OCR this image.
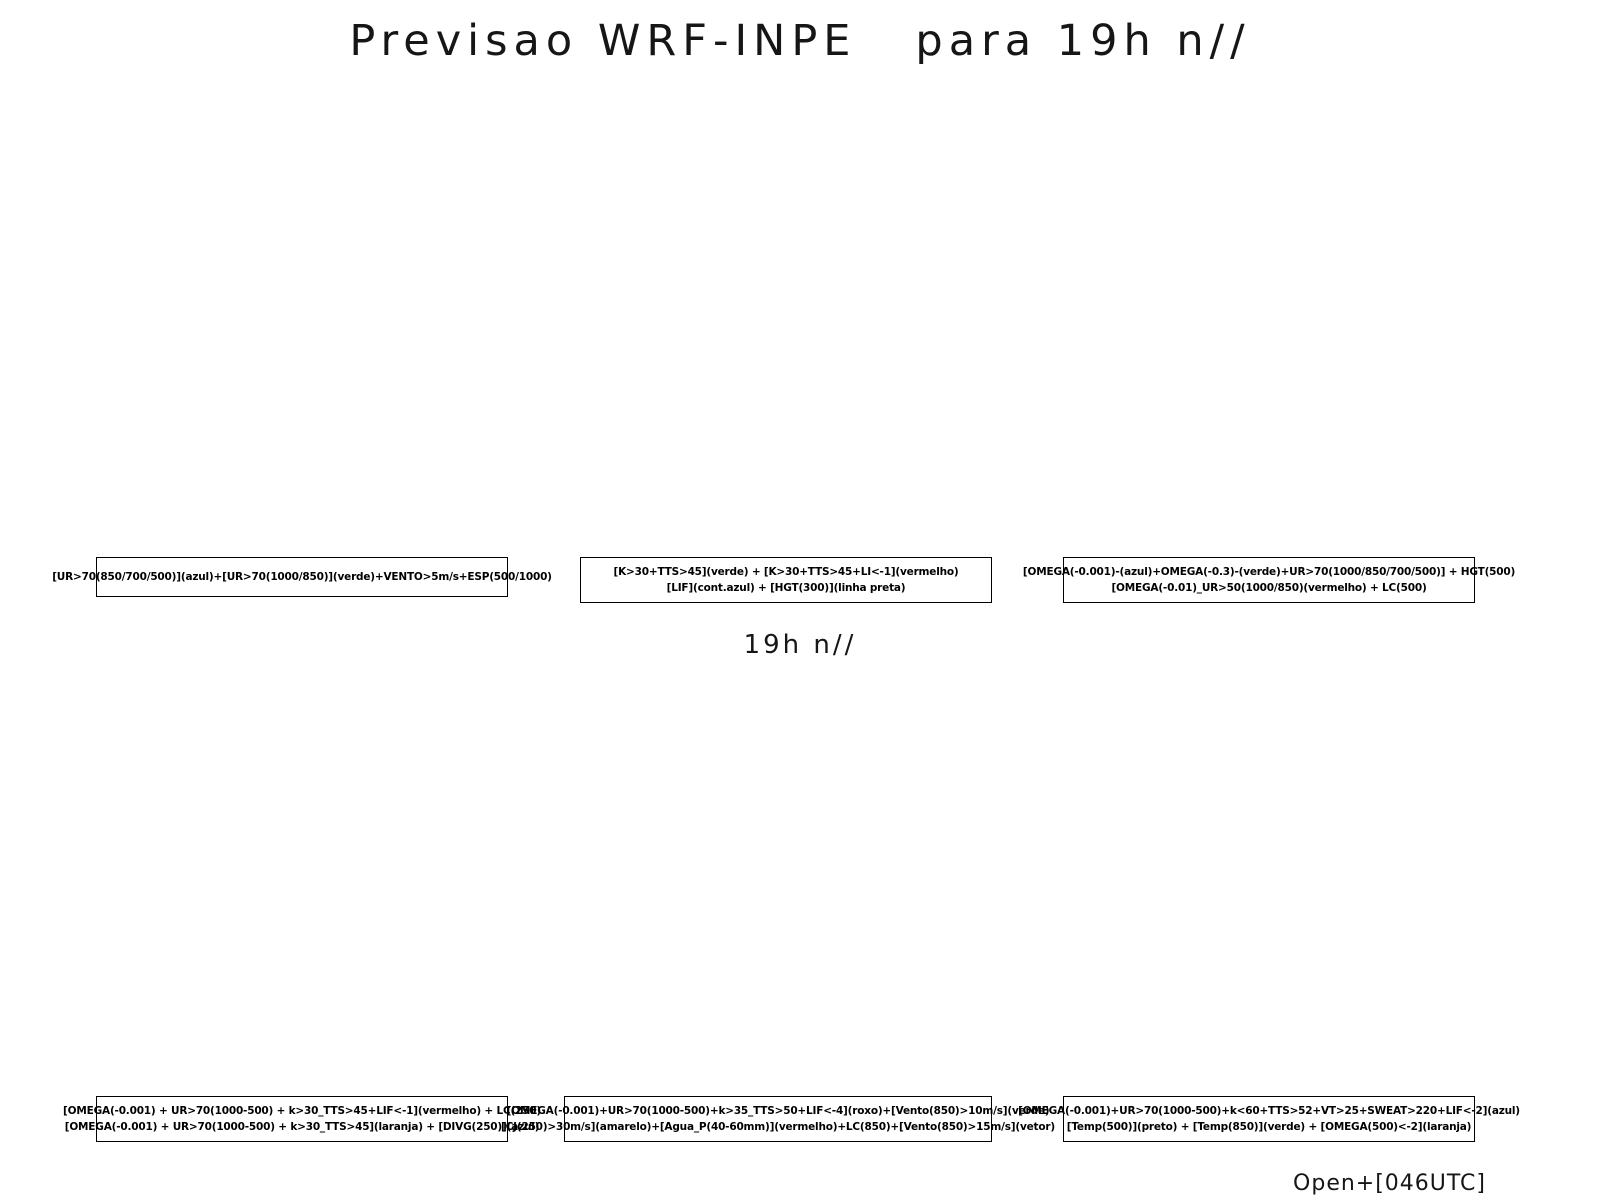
Previsao WRF-INPE   para 19h n//
[UR>70(850/700/500)](azul)+[UR>70(1000/850)](verde)+VENTO>5m/s+ESP(500/1000)	[K>30+TTS>45](verde) + [K>30+TTS>45+LI<-1](vermelho)
[LIF](cont.azul) + [HGT(300)](linha preta)
[OMEGA(-0.001)-(azul)+OMEGA(-0.3)-(verde)+UR>70(1000/850/700/500)] + HGT(500)
[OMEGA(-0.01)_UR>50(1000/850)(vermelho) + LC(500)
19h n//
[OMEGA(-0.001) + UR>70(1000-500) + k>30_TTS>45+LIF<-1](vermelho) + LC(250)
[OMEGA(-0.001) + UR>70(1000-500) + k>30_TTS>45](laranja) + [DIVG(250)](azul)
[OMEGA(-0.001)+UR>70(1000-500)+k>35_TTS>50+LIF<-4](roxo)+[Vento(850)>10m/s](verde)
[CJ(250)>30m/s](amarelo)+[Agua_P(40-60mm)](vermelho)+LC(850)+[Vento(850)>15m/s](vetor)
[OMEGA(-0.001)+UR>70(1000-500)+k<60+TTS>52+VT>25+SWEAT>220+LIF<-2](azul)
[Temp(500)](preto) + [Temp(850)](verde) + [OMEGA(500)<-2](laranja)
Open+[046UTC]
